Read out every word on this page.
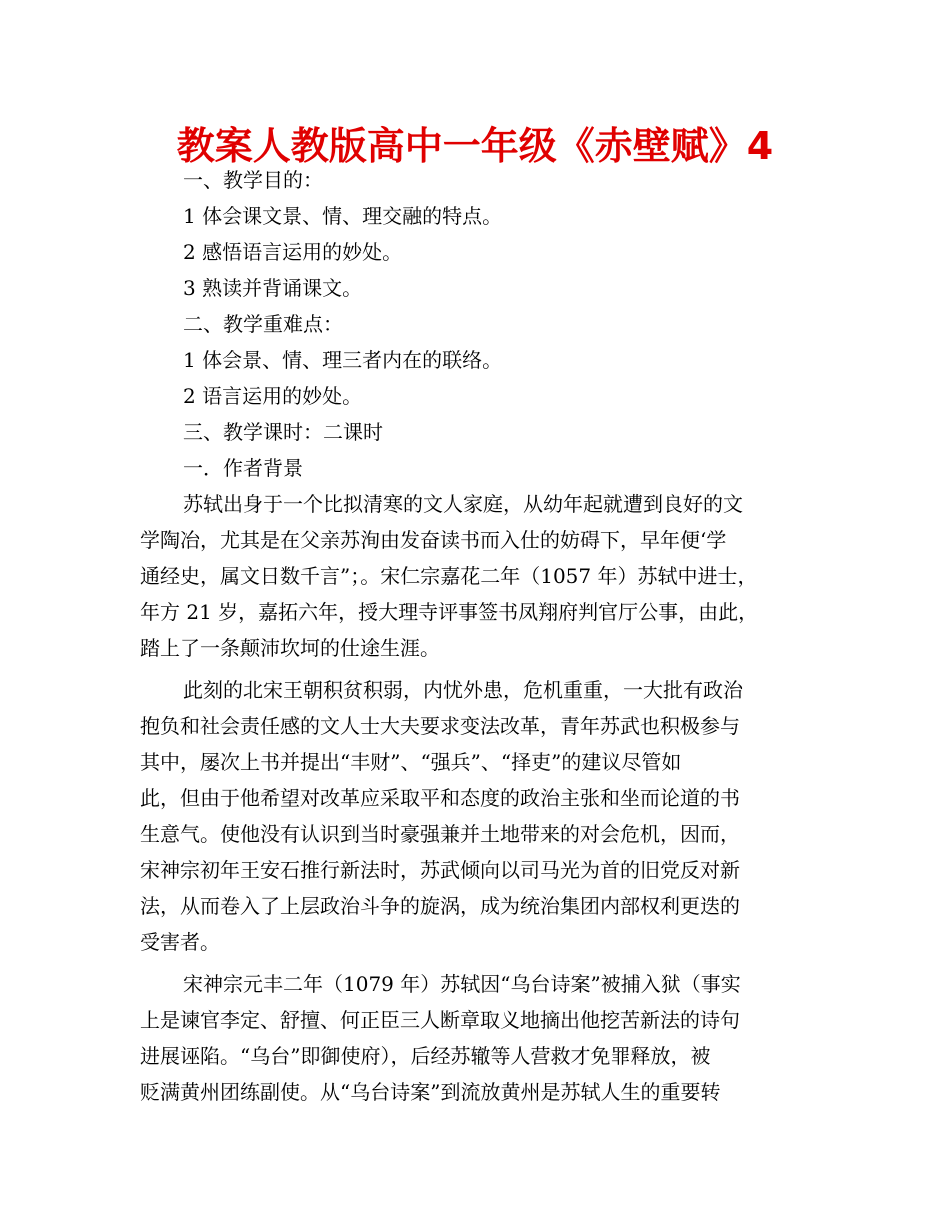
教案人教版高中一年级《赤壁赋》4
一、教学目的：
1 体会课文景、情、理交融的特点。
2 感悟语言运用的妙处。
3 熟读并背诵课文。
二、教学重难点：
1 体会景、情、理三者内在的联络。
2 语言运用的妙处。
三、教学课时：二课时
一．作者背景
苏轼出身于一个比拟清寒的文人家庭，从幼年起就遭到良好的文
学陶冶，尤其是在父亲苏洵由发奋读书而入仕的妨碍下，早年便‘学
通经史，属文日数千言”；。宋仁宗嘉花二年（1057 年）苏轼中进士，
年方 21 岁，嘉拓六年，授大理寺评事签书凤翔府判官厅公事，由此，
踏上了一条颠沛坎坷的仕途生涯。
此刻的北宋王朝积贫积弱，内忧外患，危机重重，一大批有政治
抱负和社会责任感的文人士大夫要求变法改革，青年苏武也积极参与
其中，屡次上书并提出“丰财”、“强兵”、“择吏”的建议尽管如
此，但由于他希望对改革应采取平和态度的政治主张和坐而论道的书
生意气。使他没有认识到当时豪强兼并土地带来的对会危机，因而，
宋神宗初年王安石推行新法时，苏武倾向以司马光为首的旧党反对新
法，从而卷入了上层政治斗争的旋涡，成为统治集团内部权利更迭的
受害者。
宋神宗元丰二年（1079 年）苏轼因“乌台诗案”被捕入狱（事实
上是谏官李定、舒擅、何正臣三人断章取义地摘出他挖苦新法的诗句
进展诬陷。“乌台”即御使府），后经苏辙等人营救才免罪释放，被
贬满黄州团练副使。从“乌台诗案”到流放黄州是苏轼人生的重要转
